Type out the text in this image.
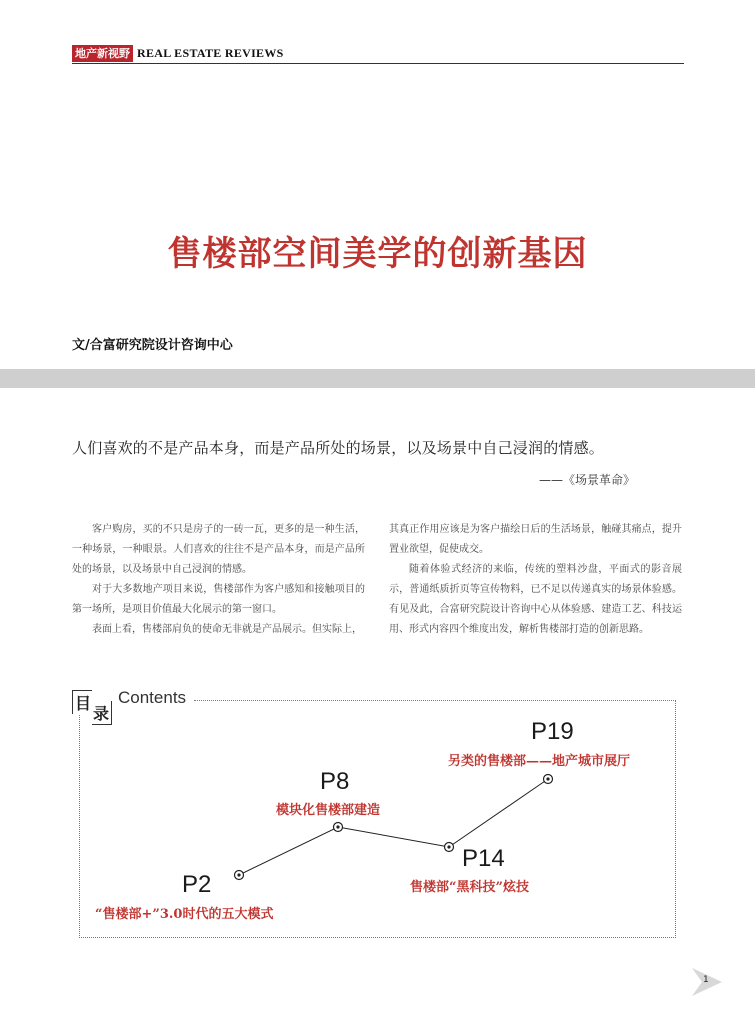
地产新视野 REAL ESTATE REVIEWS
售楼部空间美学的创新基因
文/合富研究院设计咨询中心
人们喜欢的不是产品本身，而是产品所处的场景，以及场景中自己浸润的情感。
——《场景革命》

客户购房，买的不只是房子的一砖一瓦，更多的是一种生活，一种场景，一种眼景。人们喜欢的往往不是产品本身，而是产品所处的场景，以及场景中自己浸润的情感。

对于大多数地产项目来说，售楼部作为客户感知和接触项目的第一场所，是项目价值最大化展示的第一窗口。

表面上看，售楼部肩负的使命无非就是产品展示。但实际上，

其真正作用应该是为客户描绘日后的生活场景，触碰其痛点，提升置业欲望，促使成交。

随着体验式经济的来临，传统的塑料沙盘，平面式的影音展示，普通纸质折页等宣传物料，已不足以传递真实的场景体验感。有见及此，合富研究院设计咨询中心从体验感、建造工艺、科技运用、形式内容四个维度出发，解析售楼部打造的创新思路。

目录
Contents
P2
“售楼部+”3.0时代的五大模式
P8
模块化售楼部建造
P14
售楼部“黑科技”炫技
P19
另类的售楼部——地产城市展厅
1
